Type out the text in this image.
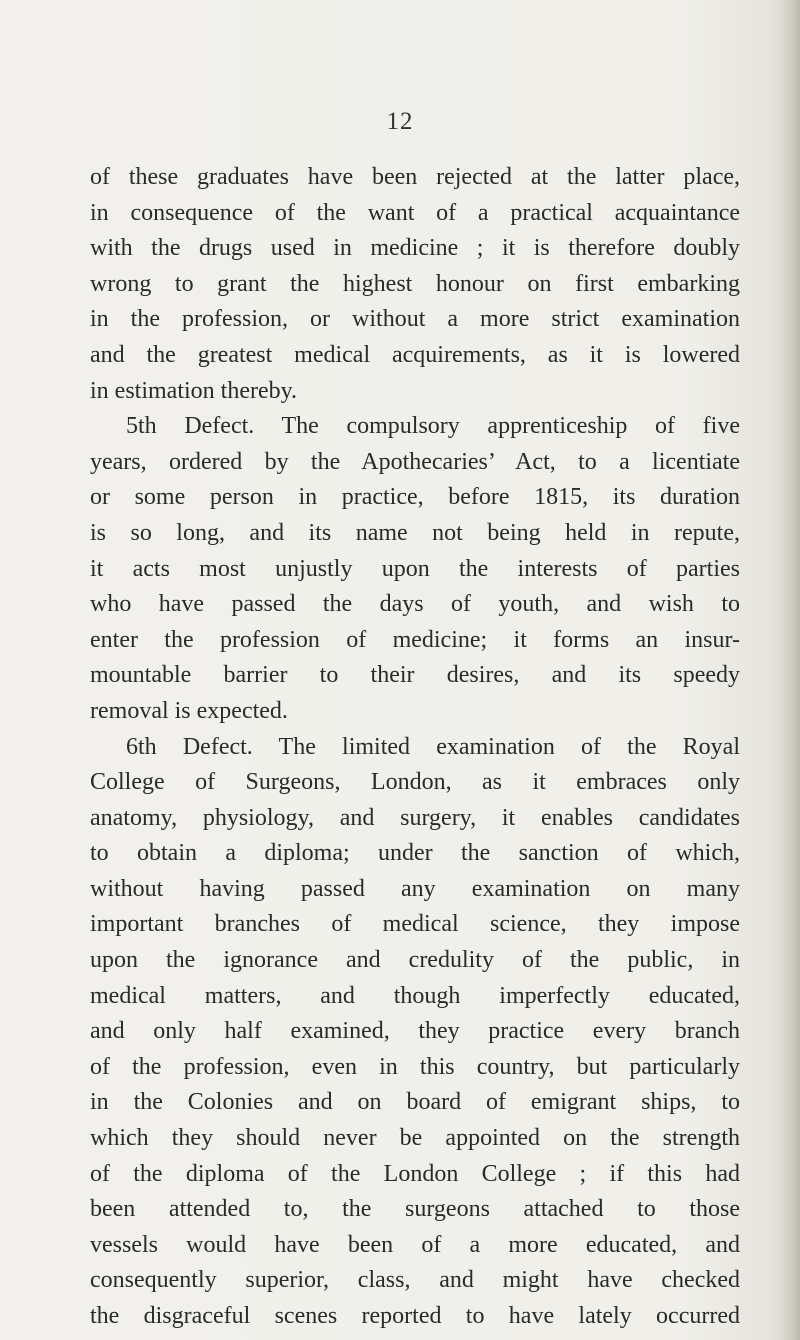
12
of these graduates have been rejected at the latter place,
in consequence of the want of a practical acquaintance
with the drugs used in medicine ; it is therefore doubly
wrong to grant the highest honour on first embarking
in the profession, or without a more strict examination
and the greatest medical acquirements, as it is lowered
in estimation thereby.
5th Defect. The compulsory apprenticeship of five
years, ordered by the Apothecaries’ Act, to a licentiate
or some person in practice, before 1815, its duration
is so long, and its name not being held in repute,
it acts most unjustly upon the interests of parties
who have passed the days of youth, and wish to
enter the profession of medicine; it forms an insur-
mountable barrier to their desires, and its speedy
removal is expected.
6th Defect. The limited examination of the Royal
College of Surgeons, London, as it embraces only
anatomy, physiology, and surgery, it enables candidates
to obtain a diploma; under the sanction of which,
without having passed any examination on many
important branches of medical science, they impose
upon the ignorance and credulity of the public, in
medical matters, and though imperfectly educated,
and only half examined, they practice every branch
of the profession, even in this country, but particularly
in the Colonies and on board of emigrant ships, to
which they should never be appointed on the strength
of the diploma of the London College ; if this had
been attended to, the surgeons attached to those
vessels would have been of a more educated, and
consequently superior, class, and might have checked
the disgraceful scenes reported to have lately occurred
